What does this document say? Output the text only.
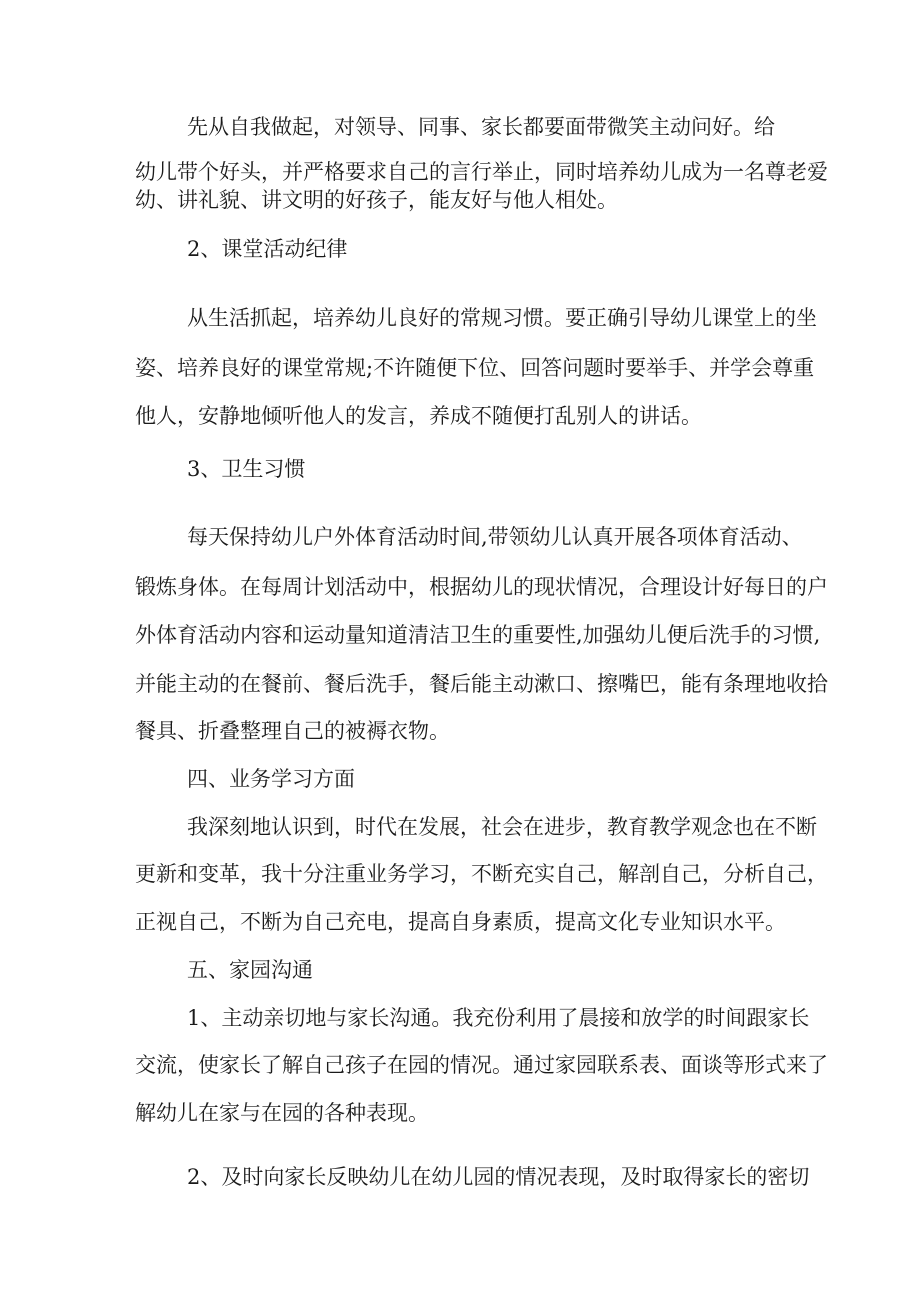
先从自我做起，对领导、同事、家长都要面带微笑主动问好。给
幼儿带个好头，并严格要求自己的言行举止，同时培养幼儿成为一名尊老爱
幼、讲礼貌、讲文明的好孩子，能友好与他人相处。
2、课堂活动纪律
从生活抓起，培养幼儿良好的常规习惯。要正确引导幼儿课堂上的坐
姿、培养良好的课堂常规;不许随便下位、回答问题时要举手、并学会尊重
他人，安静地倾听他人的发言，养成不随便打乱别人的讲话。
3、卫生习惯
每天保持幼儿户外体育活动时间,带领幼儿认真开展各项体育活动、
锻炼身体。在每周计划活动中，根据幼儿的现状情况，合理设计好每日的户
外体育活动内容和运动量知道清洁卫生的重要性,加强幼儿便后洗手的习惯,
并能主动的在餐前、餐后洗手，餐后能主动漱口、擦嘴巴，能有条理地收拾
餐具、折叠整理自己的被褥衣物。
四、业务学习方面
我深刻地认识到，时代在发展，社会在进步，教育教学观念也在不断
更新和变革，我十分注重业务学习，不断充实自己，解剖自己，分析自己，
正视自己，不断为自己充电，提高自身素质，提高文化专业知识水平。
五、家园沟通
1、主动亲切地与家长沟通。我充份利用了晨接和放学的时间跟家长
交流，使家长了解自己孩子在园的情况。通过家园联系表、面谈等形式来了
解幼儿在家与在园的各种表现。
2、及时向家长反映幼儿在幼儿园的情况表现，及时取得家长的密切
